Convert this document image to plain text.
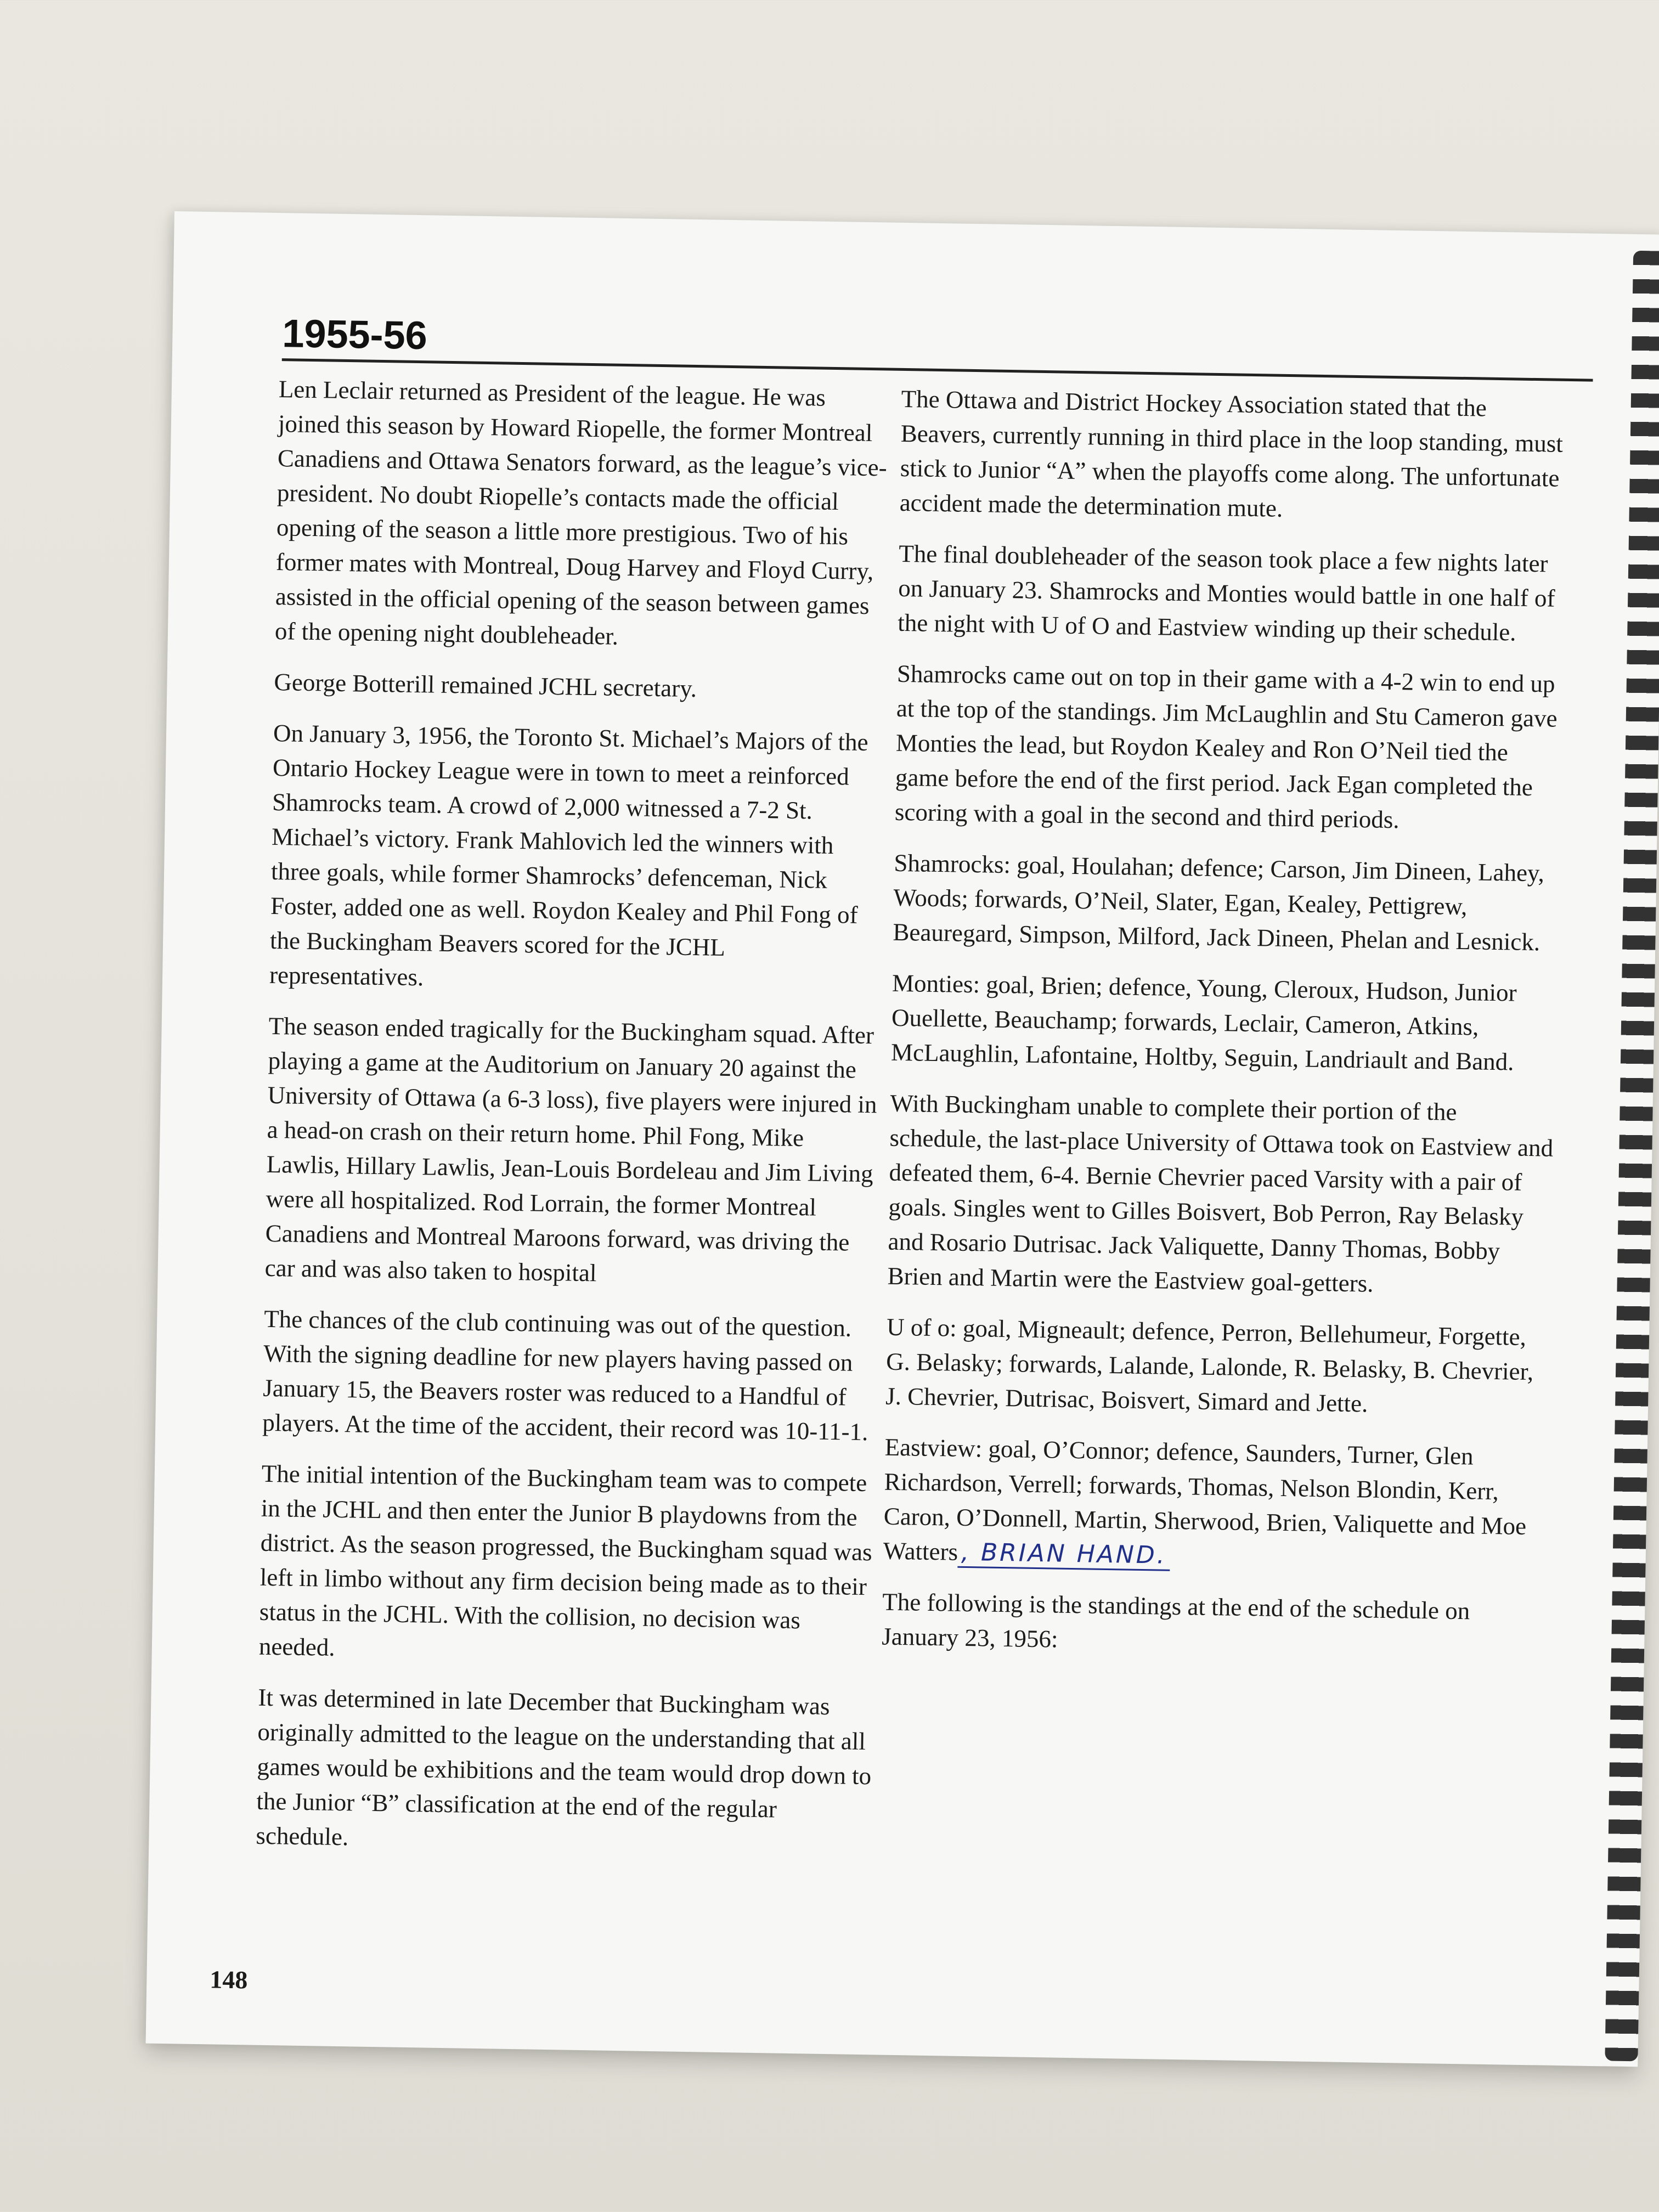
1955-56

Len Leclair returned as President of the league. He was joined this season by Howard Riopelle, the former Montreal Canadiens and Ottawa Senators forward, as the league’s vice-president. No doubt Riopelle’s contacts made the official opening of the season a little more prestigious. Two of his former mates with Montreal, Doug Harvey and Floyd Curry, assisted in the official opening of the season between games of the opening night doubleheader.

George Botterill remained JCHL secretary.

On January 3, 1956, the Toronto St. Michael’s Majors of the Ontario Hockey League were in town to meet a reinforced Shamrocks team. A crowd of 2,000 witnessed a 7-2 St. Michael’s victory. Frank Mahlovich led the winners with three goals, while former Shamrocks’ defenceman, Nick Foster, added one as well. Roydon Kealey and Phil Fong of the Buckingham Beavers scored for the JCHL representatives.

The season ended tragically for the Buckingham squad. After playing a game at the Auditorium on January 20 against the University of Ottawa (a 6-3 loss), five players were injured in a head-on crash on their return home. Phil Fong, Mike Lawlis, Hillary Lawlis, Jean-Louis Bordeleau and Jim Living were all hospitalized. Rod Lorrain, the former Montreal Canadiens and Montreal Maroons forward, was driving the car and was also taken to hospital

The chances of the club continuing was out of the question. With the signing deadline for new players having passed on January 15, the Beavers roster was reduced to a Handful of players. At the time of the accident, their record was 10-11-1.

The initial intention of the Buckingham team was to compete in the JCHL and then enter the Junior B playdowns from the district. As the season progressed, the Buckingham squad was left in limbo without any firm decision being made as to their status in the JCHL. With the collision, no decision was needed.

It was determined in late December that Buckingham was originally admitted to the league on the understanding that all games would be exhibitions and the team would drop down to the Junior “B” classification at the end of the regular schedule.

The Ottawa and District Hockey Association stated that the Beavers, currently running in third place in the loop standing, must stick to Junior “A” when the playoffs come along. The unfortunate accident made the determination mute.

The final doubleheader of the season took place a few nights later on January 23. Shamrocks and Monties would battle in one half of the night with U of O and Eastview winding up their schedule.

Shamrocks came out on top in their game with a 4-2 win to end up at the top of the standings. Jim McLaughlin and Stu Cameron gave Monties the lead, but Roydon Kealey and Ron O’Neil tied the game before the end of the first period. Jack Egan completed the scoring with a goal in the second and third periods.

Shamrocks: goal, Houlahan; defence; Carson, Jim Dineen, Lahey, Woods; forwards, O’Neil, Slater, Egan, Kealey, Pettigrew, Beauregard, Simpson, Milford, Jack Dineen, Phelan and Lesnick.

Monties: goal, Brien; defence, Young, Cleroux, Hudson, Junior Ouellette, Beauchamp; forwards, Leclair, Cameron, Atkins, McLaughlin, Lafontaine, Holtby, Seguin, Landriault and Band.

With Buckingham unable to complete their portion of the schedule, the last-place University of Ottawa took on Eastview and defeated them, 6-4. Bernie Chevrier paced Varsity with a pair of goals. Singles went to Gilles Boisvert, Bob Perron, Ray Belasky and Rosario Dutrisac. Jack Valiquette, Danny Thomas, Bobby Brien and Martin were the Eastview goal-getters.

U of o: goal, Migneault; defence, Perron, Bellehumeur, Forgette, G. Belasky; forwards, Lalande, Lalonde, R. Belasky, B. Chevrier, J. Chevrier, Dutrisac, Boisvert, Simard and Jette.

Eastview: goal, O’Connor; defence, Saunders, Turner, Glen Richardson, Verrell; forwards, Thomas, Nelson Blondin, Kerr, Caron, O’Donnell, Martin, Sherwood, Brien, Valiquette and Moe Watters , BRIAN HAND.

The following is the standings at the end of the schedule on January 23, 1956:

148
